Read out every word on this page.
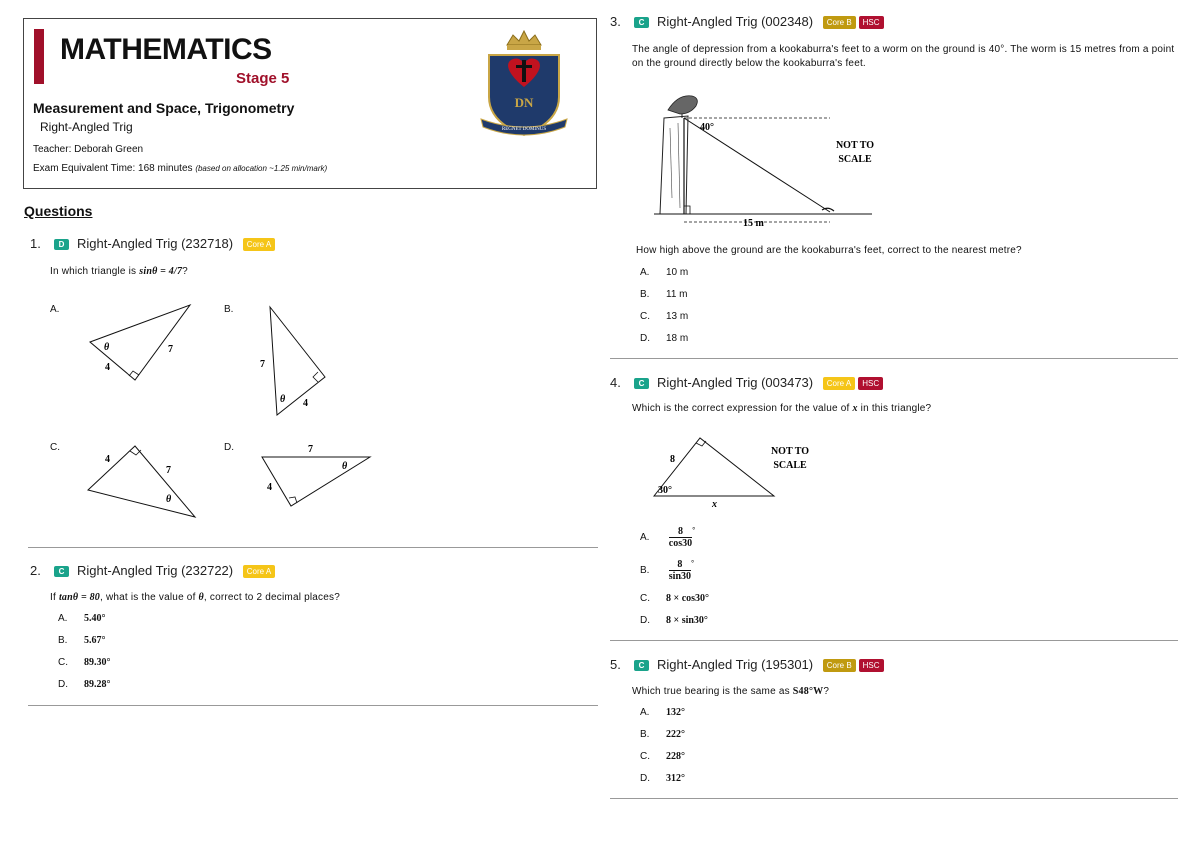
MATHEMATICS
Stage 5
Measurement and Space, Trigonometry
Right-Angled Trig
Teacher: Deborah Green
Exam Equivalent Time: 168 minutes (based on allocation ~1.25 min/mark)
DN
REGNET DOMINUS
Questions
1. D Right-Angled Trig (232718) Core A
In which triangle is sinθ = 4/7?
A.	B.
C.	D.
θ	7
4	7
θ 4
4
7
θ
7
θ
4
2. C Right-Angled Trig (232722) Core A
If tanθ = 80, what is the value of θ, correct to 2 decimal places?
A. 5.40°
B. 5.67°
C. 89.30°
D. 89.28°
3. C Right-Angled Trig (002348) Core B HSC
The angle of depression from a kookaburra's feet to a worm on the ground is 40°. The worm is 15 metres from a point on the ground directly below the kookaburra's feet.
40°
15 m
NOT TO
SCALE
How high above the ground are the kookaburra's feet, correct to the nearest metre?
A. 10 m
B. 11 m
C. 13 m
D. 18 m
4. C Right-Angled Trig (003473) Core A HSC
Which is the correct expression for the value of x in this triangle?
8
30°
x
NOT TO
SCALE
A. $\frac{8}{\cos 30} ^\circ$
B. $\frac{8}{\sin 30} ^\circ$
C. 8 × cos30°
D. 8 × sin30°
5. C Right-Angled Trig (195301) Core B HSC
Which true bearing is the same as S48°W?
A. 132°
B. 222°
C. 228°
D. 312°
